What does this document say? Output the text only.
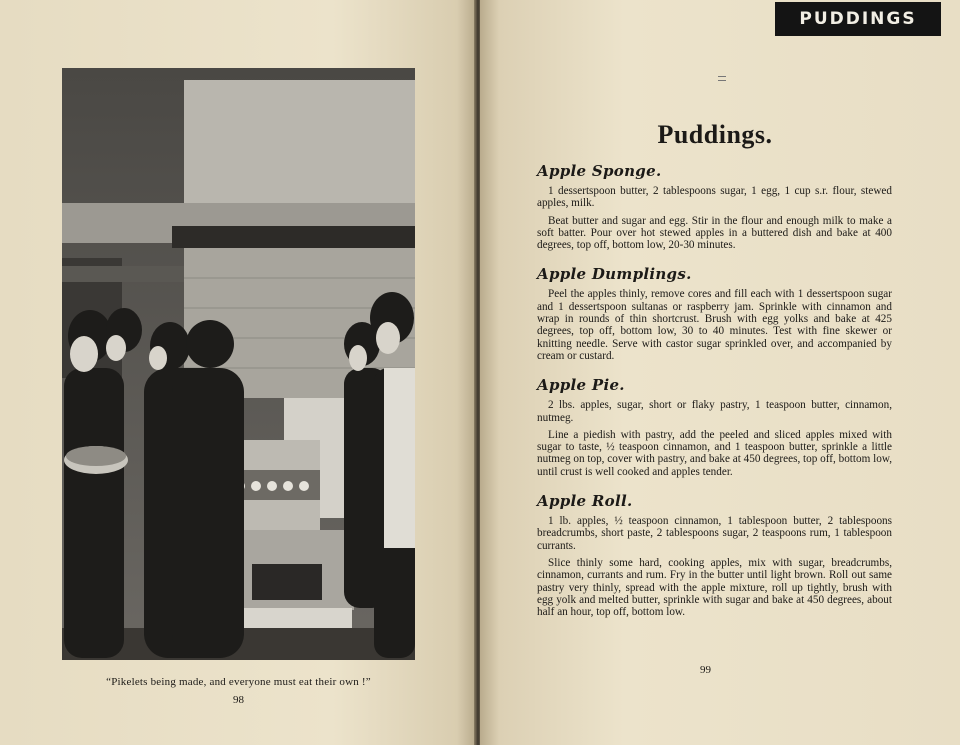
“Pikelets being made, and everyone must eat their own !”
98
PUDDINGS
Puddings.
Apple Sponge.

1 dessertspoon butter, 2 tablespoons sugar, 1 egg, 1 cup s.r. flour, stewed apples, milk.

Beat butter and sugar and egg. Stir in the flour and enough milk to make a soft batter. Pour over hot stewed apples in a buttered dish and bake at 400 degrees, top off, bottom low, 20-30 minutes.

Apple Dumplings.

Peel the apples thinly, remove cores and fill each with 1 dessertspoon sugar and 1 dessertspoon sultanas or raspberry jam. Sprinkle with cinnamon and wrap in rounds of thin shortcrust. Brush with egg yolks and bake at 425 degrees, top off, bottom low, 30 to 40 minutes. Test with fine skewer or knitting needle. Serve with castor sugar sprinkled over, and accompanied by cream or custard.

Apple Pie.

2 lbs. apples, sugar, short or flaky pastry, 1 teaspoon butter, cinnamon, nutmeg.

Line a piedish with pastry, add the peeled and sliced apples mixed with sugar to taste, ½ teaspoon cinnamon, and 1 teaspoon butter, sprinkle a little nutmeg on top, cover with pastry, and bake at 450 degrees, top off, bottom low, until crust is well cooked and apples tender.

Apple Roll.

1 lb. apples, ½ teaspoon cinnamon, 1 tablespoon butter, 2 tablespoons breadcrumbs, short paste, 2 tablespoons sugar, 2 teaspoons rum, 1 tablespoon currants.

Slice thinly some hard, cooking apples, mix with sugar, breadcrumbs, cinnamon, currants and rum. Fry in the butter until light brown. Roll out same pastry very thinly, spread with the apple mixture, roll up tightly, brush with egg yolk and melted butter, sprinkle with sugar and bake at 450 degrees, about half an hour, top off, bottom low.

99
